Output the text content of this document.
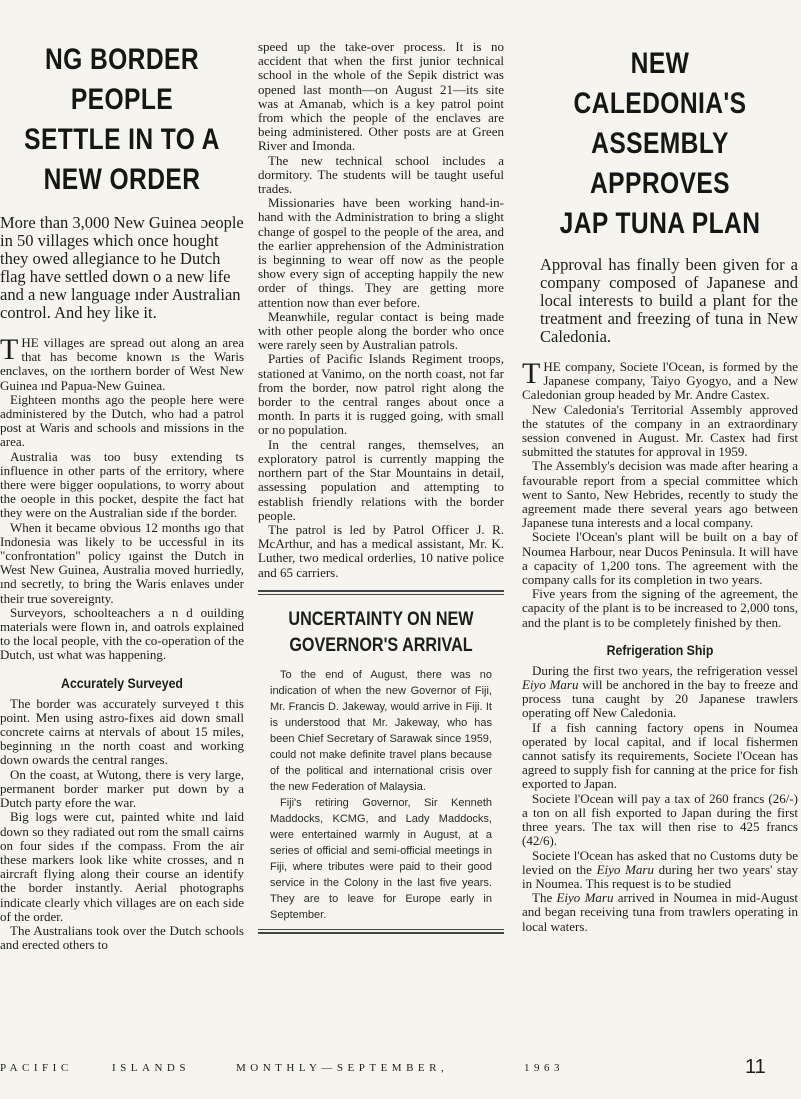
NG BORDER PEOPLE
SETTLE IN TO A
NEW ORDER

More than 3,000 New Guinea ɔeople in 50 villages which once hought they owed allegiance to he Dutch flag have settled down o a new life and a new language ınder Australian control. And hey like it.

THE villages are spread out along an area that has become known ıs the Waris enclaves, on the ıorthern border of West New Guinea ınd Papua-New Guinea.

Eighteen months ago the people here were administered by the Dutch, who had a patrol post at Waris and schools and missions in the area.

Australia was too busy extending ts influence in other parts of the erritory, where there were bigger oopulations, to worry about the oeople in this pocket, despite the fact hat they were on the Australian side ıf the border.

When it became obvious 12 months ıgo that Indonesia was likely to be uccessful in its "confrontation" policy ıgainst the Dutch in West New Guinea, Australia moved hurriedly, ınd secretly, to bring the Waris enlaves under their true sovereignty.

Surveyors, schoolteachers a n d ouilding materials were flown in, and oatrols explained to the local people, vith the co-operation of the Dutch, ust what was happening.

Accurately Surveyed

The border was accurately surveyed t this point. Men using astro-fixes aid down small concrete cairns at ntervals of about 15 miles, beginning ın the north coast and working down owards the central ranges.

On the coast, at Wutong, there is very large, permanent border marker put down by a Dutch party efore the war.

Big logs were cut, painted white ınd laid down so they radiated out rom the small cairns on four sides ıf the compass. From the air these markers look like white crosses, and n aircraft flying along their course an identify the border instantly. Aerial photographs indicate clearly vhich villages are on each side of the order.

The Australians took over the Dutch schools and erected others to

speed up the take-over process. It is no accident that when the first junior technical school in the whole of the Sepik district was opened last month—on August 21—its site was at Amanab, which is a key patrol point from which the people of the enclaves are being administered. Other posts are at Green River and Imonda.

The new technical school includes a dormitory. The students will be taught useful trades.

Missionaries have been working hand-in-hand with the Administration to bring a slight change of gospel to the people of the area, and the earlier apprehension of the Administration is beginning to wear off now as the people show every sign of accepting happily the new order of things. They are getting more attention now than ever before.

Meanwhile, regular contact is being made with other people along the border who once were rarely seen by Australian patrols.

Parties of Pacific Islands Regiment troops, stationed at Vanimo, on the north coast, not far from the border, now patrol right along the border to the central ranges about once a month. In parts it is rugged going, with small or no population.

In the central ranges, themselves, an exploratory patrol is currently mapping the northern part of the Star Mountains in detail, assessing population and attempting to establish friendly relations with the border people.

The patrol is led by Patrol Officer J. R. McArthur, and has a medical assistant, Mr. K. Luther, two medical orderlies, 10 native police and 65 carriers.

UNCERTAINTY ON NEW
GOVERNOR'S ARRIVAL

To the end of August, there was no indication of when the new Governor of Fiji, Mr. Francis D. Jakeway, would arrive in Fiji. It is understood that Mr. Jakeway, who has been Chief Secretary of Sarawak since 1959, could not make definite travel plans because of the political and international crisis over the new Federation of Malaysia.

Fiji's retiring Governor, Sir Kenneth Maddocks, KCMG, and Lady Maddocks, were entertained warmly in August, at a series of official and semi-official meetings in Fiji, where tributes were paid to their good service in the Colony in the last five years. They are to leave for Europe early in September.

NEW CALEDONIA'S
ASSEMBLY APPROVES
JAP TUNA PLAN

Approval has finally been given for a company composed of Japanese and local interests to build a plant for the treatment and freezing of tuna in New Caledonia.

THE company, Societe l'Ocean, is formed by the Japanese company, Taiyo Gyogyo, and a New Caledonian group headed by Mr. Andre Castex.

New Caledonia's Territorial Assembly approved the statutes of the company in an extraordinary session convened in August. Mr. Castex had first submitted the statutes for approval in 1959.

The Assembly's decision was made after hearing a favourable report from a special committee which went to Santo, New Hebrides, recently to study the agreement made there several years ago between Japanese tuna interests and a local company.

Societe l'Ocean's plant will be built on a bay of Noumea Harbour, near Ducos Peninsula. It will have a capacity of 1,200 tons. The agreement with the company calls for its completion in two years.

Five years from the signing of the agreement, the capacity of the plant is to be increased to 2,000 tons, and the plant is to be completely finished by then.

Refrigeration Ship

During the first two years, the refrigeration vessel Eiyo Maru will be anchored in the bay to freeze and process tuna caught by 20 Japanese trawlers operating off New Caledonia.

If a fish canning factory opens in Noumea operated by local capital, and if local fishermen cannot satisfy its requirements, Societe l'Ocean has agreed to supply fish for canning at the price for fish exported to Japan.

Societe l'Ocean will pay a tax of 260 francs (26/-) a ton on all fish exported to Japan during the first three years. The tax will then rise to 425 francs (42/6).

Societe l'Ocean has asked that no Customs duty be levied on the Eiyo Maru during her two years' stay in Noumea. This request is to be studied

The Eiyo Maru arrived in Noumea in mid-August and began receiving tuna from trawlers operating in local waters.

PACIFIC	ISLANDS	MONTHLY—SEPTEMBER,	1963	11
